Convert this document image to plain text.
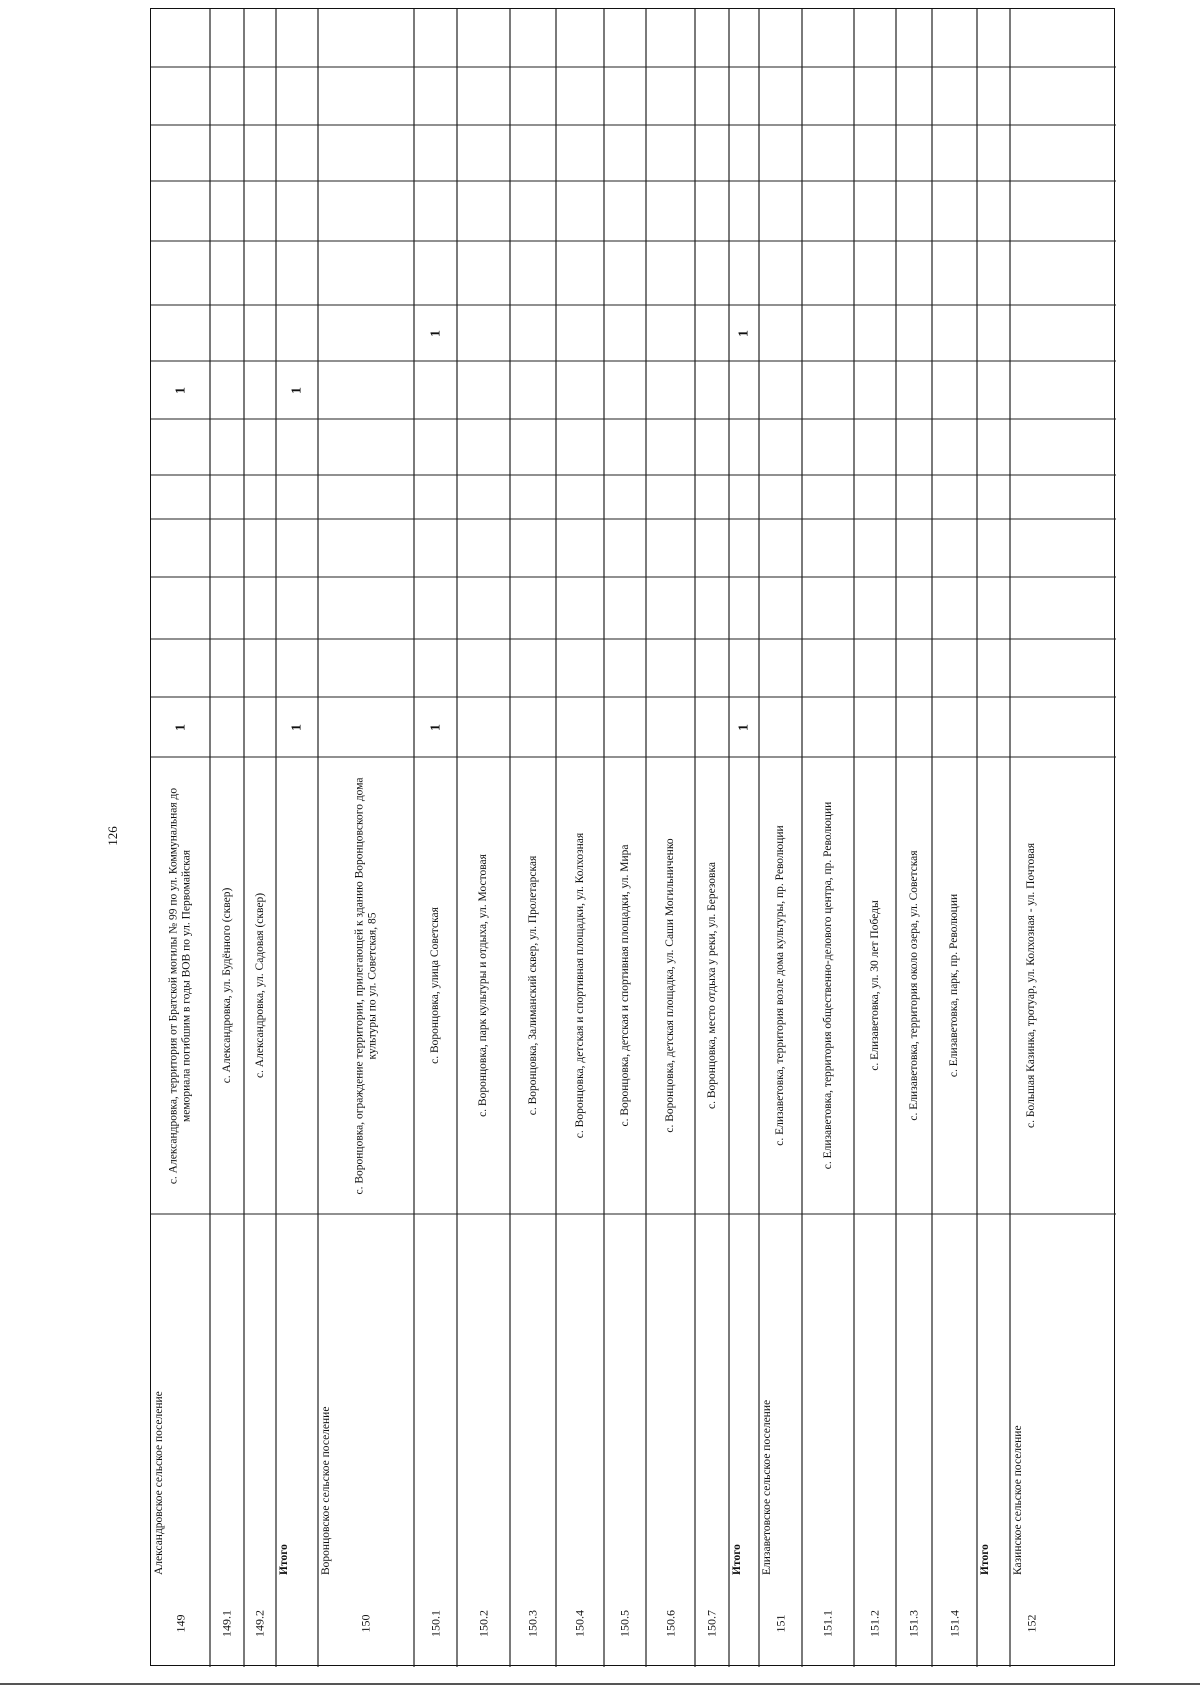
126
149
Александровское сельское поселение
с. Александровка, территория от Братской могилы № 99 по ул. Коммунальная до мемориала погибшим в годы ВОВ по ул. Первомайская
1
1
149.1
с. Александровка, ул. Будённого (сквер)
149.2
с. Александровка, ул. Садовая (сквер)
Итого
1
1
150
Воронцовское сельское поселение
с. Воронцовка, ограждение территории, прилегающей к зданию Воронцовского дома культуры по ул. Советская, 85
150.1
с. Воронцовка, улица Советская
1
1
150.2
с. Воронцовка, парк культуры и отдыха, ул. Мостовая
150.3
с. Воронцовка, Залиманский сквер, ул. Пролетарская
150.4
с. Воронцовка, детская и спортивная площадки, ул. Колхозная
150.5
с. Воронцовка, детская и спортивная площадки, ул. Мира
150.6
с. Воронцовка, детская площадка, ул. Саши Могильниченко
150.7
с. Воронцовка, место отдыха у реки, ул. Березовка
Итого
1
1
151
Елизаветовское сельское поселение
с. Елизаветовка, территория возле дома культуры, пр. Революции
151.1
с. Елизаветовка, территория общественно-делового центра, пр. Революции
151.2
с. Елизаветовка, ул. 30 лет Победы
151.3
с. Елизаветовка, территория около озера, ул. Советская
151.4
с. Елизаветовка, парк, пр. Революции
Итого
152
Казинское сельское поселение
с. Большая Казинка, тротуар, ул. Колхозная - ул. Почтовая
